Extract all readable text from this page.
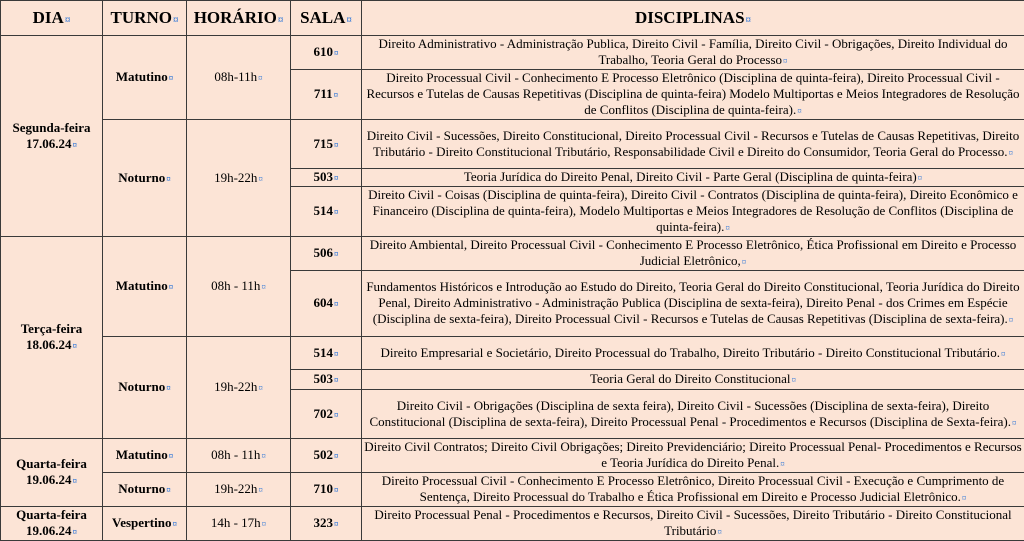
DIA¤	TURNO¤	HORÁRIO¤	SALA¤	DISCIPLINAS¤
Segunda-feira
17.06.24¤	Matutino¤	08h-11h¤	610¤	Direito Administrativo - Administração Publica, Direito Civil - Família, Direito Civil - Obrigações, Direito Individual do Trabalho, Teoria Geral do Processo¤
			711¤	Direito Processual Civil - Conhecimento E Processo Eletrônico (Disciplina de quinta-feira), Direito Processual Civil - Recursos e Tutelas de Causas Repetitivas (Disciplina de quinta-feira) Modelo Multiportas e Meios Integradores de Resolução de Conflitos (Disciplina de quinta-feira).¤
	Noturno¤	19h-22h¤	715¤	Direito Civil - Sucessões, Direito Constitucional, Direito Processual Civil - Recursos e Tutelas de Causas Repetitivas, Direito Tributário - Direito Constitucional Tributário, Responsabilidade Civil e Direito do Consumidor, Teoria Geral do Processo.¤
			503¤	Teoria Jurídica do Direito Penal, Direito Civil - Parte Geral (Disciplina de quinta-feira)¤
			514¤	Direito Civil - Coisas (Disciplina de quinta-feira), Direito Civil - Contratos (Disciplina de quinta-feira), Direito Econômico e Financeiro (Disciplina de quinta-feira), Modelo Multiportas e Meios Integradores de Resolução de Conflitos (Disciplina de quinta-feira).¤
Terça-feira
18.06.24¤	Matutino¤	08h - 11h¤	506¤	Direito Ambiental, Direito Processual Civil - Conhecimento E Processo Eletrônico, Ética Profissional em Direito e Processo Judicial Eletrônico,¤
			604¤	Fundamentos Históricos e Introdução ao Estudo do Direito, Teoria Geral do Direito Constitucional, Teoria Jurídica do Direito Penal, Direito Administrativo - Administração Publica (Disciplina de sexta-feira), Direito Penal - dos Crimes em Espécie (Disciplina de sexta-feira), Direito Processual Civil - Recursos e Tutelas de Causas Repetitivas (Disciplina de sexta-feira).¤
	Noturno¤	19h-22h¤	514¤	Direito Empresarial e Societário, Direito Processual do Trabalho, Direito Tributário - Direito Constitucional Tributário.¤
			503¤	Teoria Geral do Direito Constitucional¤
			702¤	Direito Civil - Obrigações (Disciplina de sexta feira), Direito Civil - Sucessões (Disciplina de sexta-feira), Direito Constitucional (Disciplina de sexta-feira), Direito Processual Penal - Procedimentos e Recursos (Disciplina de Sexta-feira).¤
Quarta-feira
19.06.24¤	Matutino¤	08h - 11h¤	502¤	Direito Civil Contratos; Direito Civil Obrigações; Direito Previdenciário; Direito Processual Penal- Procedimentos e Recursos e Teoria Jurídica do Direito Penal.¤
	Noturno¤	19h-22h¤	710¤	Direito Processual Civil - Conhecimento E Processo Eletrônico, Direito Processual Civil - Execução e Cumprimento de Sentença, Direito Processual do Trabalho e Ética Profissional em Direito e Processo Judicial Eletrônico.¤
Quarta-feira
19.06.24¤	Vespertino¤	14h - 17h¤	323¤	Direito Processual Penal - Procedimentos e Recursos, Direito Civil - Sucessões, Direito Tributário - Direito Constitucional Tributário¤
